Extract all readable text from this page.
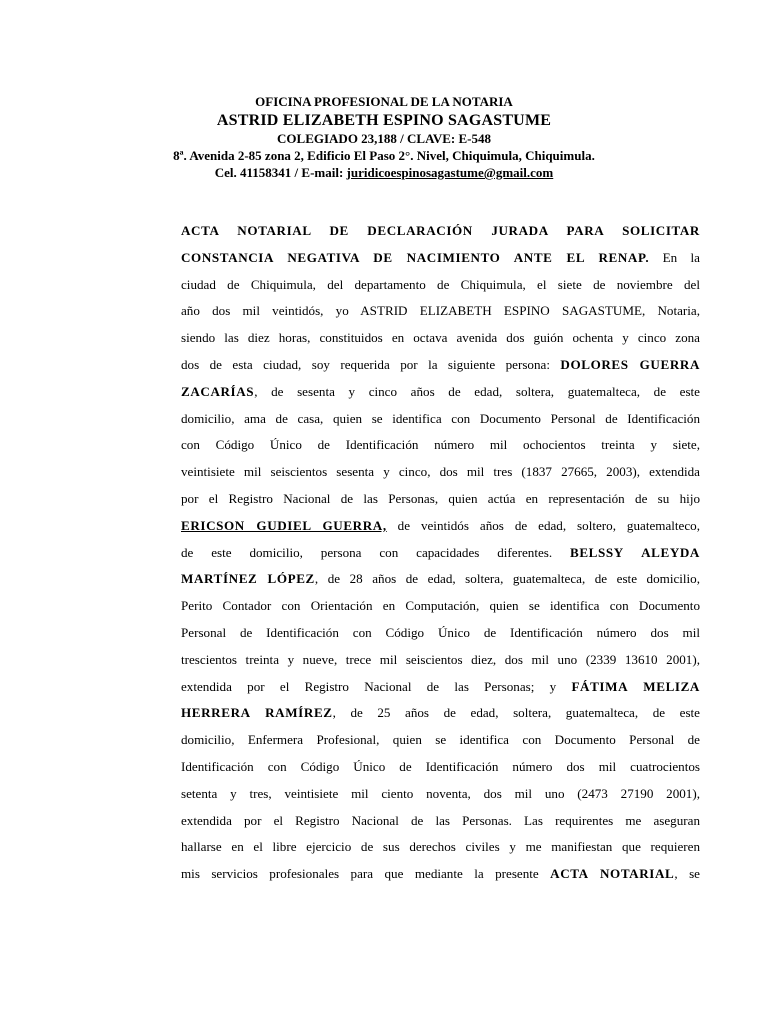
OFICINA PROFESIONAL DE LA NOTARIA
ASTRID ELIZABETH ESPINO SAGASTUME
COLEGIADO 23,188 / CLAVE: E-548
8ª. Avenida 2-85 zona 2, Edificio El Paso 2°. Nivel, Chiquimula, Chiquimula.
Cel. 41158341 / E-mail: juridicoespinosagastume@gmail.com
ACTA NOTARIAL DE DECLARACIÓN JURADA PARA SOLICITAR
CONSTANCIA NEGATIVA DE NACIMIENTO ANTE EL RENAP. En la
ciudad de Chiquimula, del departamento de Chiquimula, el siete de noviembre del
año dos mil veintidós, yo ASTRID ELIZABETH ESPINO SAGASTUME, Notaria,
siendo las diez horas, constituidos en octava avenida dos guión ochenta y cinco zona
dos de esta ciudad, soy requerida por la siguiente persona: DOLORES GUERRA
ZACARÍAS, de sesenta y cinco años de edad, soltera, guatemalteca, de este
domicilio, ama de casa, quien se identifica con Documento Personal de Identificación
con Código Único de Identificación número mil ochocientos treinta y siete,
veintisiete mil seiscientos sesenta y cinco, dos mil tres (1837 27665, 2003), extendida
por el Registro Nacional de las Personas, quien actúa en representación de su hijo
ERICSON GUDIEL GUERRA, de veintidós años de edad, soltero, guatemalteco,
de este domicilio, persona con capacidades diferentes. BELSSY ALEYDA
MARTÍNEZ LÓPEZ, de 28 años de edad, soltera, guatemalteca, de este domicilio,
Perito Contador con Orientación en Computación, quien se identifica con Documento
Personal de Identificación con Código Único de Identificación número dos mil
trescientos treinta y nueve, trece mil seiscientos diez, dos mil uno (2339 13610 2001),
extendida por el Registro Nacional de las Personas; y FÁTIMA MELIZA
HERRERA RAMÍREZ, de 25 años de edad, soltera, guatemalteca, de este
domicilio, Enfermera Profesional, quien se identifica con Documento Personal de
Identificación con Código Único de Identificación número dos mil cuatrocientos
setenta y tres, veintisiete mil ciento noventa, dos mil uno (2473 27190 2001),
extendida por el Registro Nacional de las Personas. Las requirentes me aseguran
hallarse en el libre ejercicio de sus derechos civiles y me manifiestan que requieren
mis servicios profesionales para que mediante la presente ACTA NOTARIAL, se
